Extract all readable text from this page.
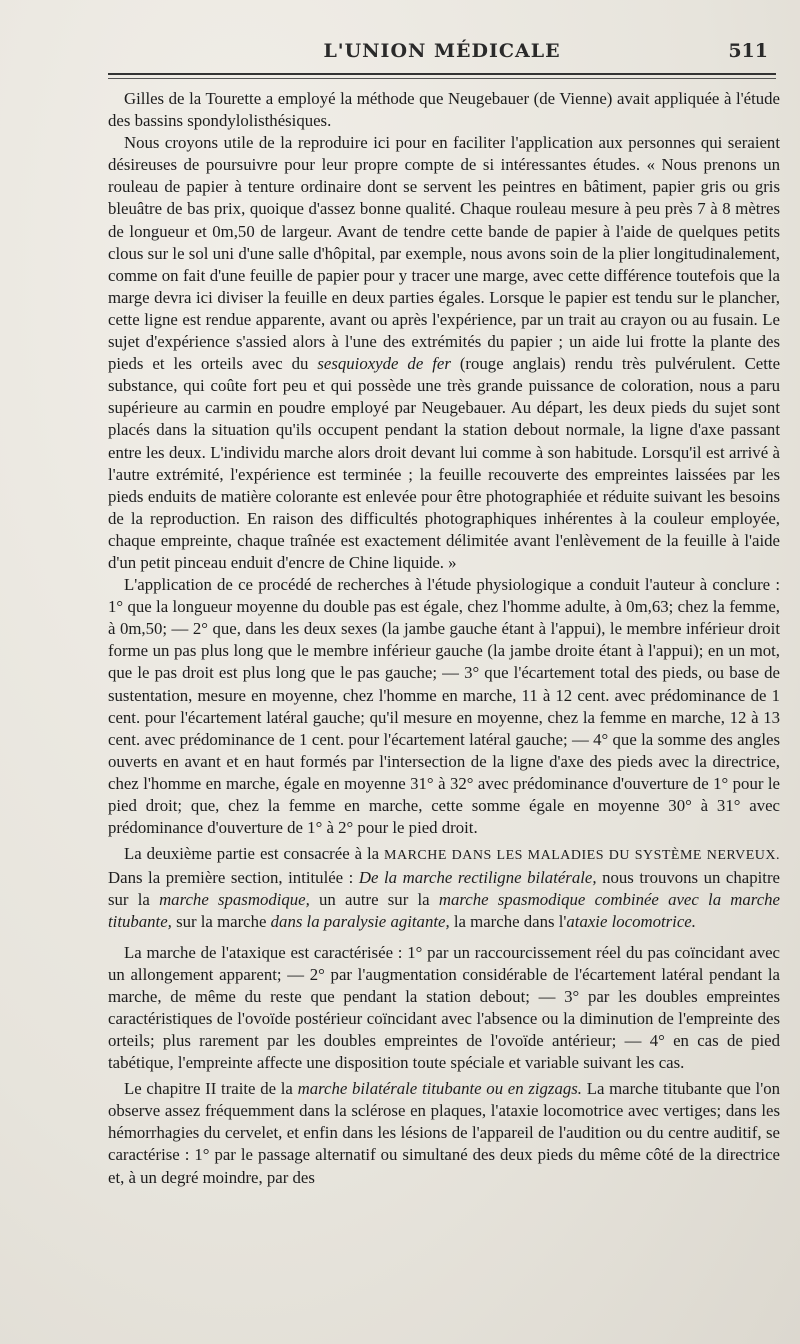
L'UNION MÉDICALE	511

Gilles de la Tourette a employé la méthode que Neugebauer (de Vienne) avait appliquée à l'étude des bassins spondylolisthésiques.

Nous croyons utile de la reproduire ici pour en faciliter l'application aux personnes qui seraient désireuses de poursuivre pour leur propre compte de si intéressantes études. « Nous prenons un rouleau de papier à tenture ordinaire dont se servent les peintres en bâtiment, papier gris ou gris bleuâtre de bas prix, quoique d'assez bonne qualité. Chaque rouleau mesure à peu près 7 à 8 mètres de longueur et 0m,50 de largeur. Avant de tendre cette bande de papier à l'aide de quelques petits clous sur le sol uni d'une salle d'hôpital, par exemple, nous avons soin de la plier longitudinalement, comme on fait d'une feuille de papier pour y tracer une marge, avec cette différence toutefois que la marge devra ici diviser la feuille en deux parties égales. Lorsque le papier est tendu sur le plancher, cette ligne est rendue apparente, avant ou après l'expérience, par un trait au crayon ou au fusain. Le sujet d'expérience s'assied alors à l'une des extrémités du papier ; un aide lui frotte la plante des pieds et les orteils avec du sesquioxyde de fer (rouge anglais) rendu très pulvérulent. Cette substance, qui coûte fort peu et qui possède une très grande puissance de coloration, nous a paru supérieure au carmin en poudre employé par Neugebauer. Au départ, les deux pieds du sujet sont placés dans la situation qu'ils occupent pendant la station debout normale, la ligne d'axe passant entre les deux. L'individu marche alors droit devant lui comme à son habitude. Lorsqu'il est arrivé à l'autre extrémité, l'expérience est terminée ; la feuille recouverte des empreintes laissées par les pieds enduits de matière colorante est enlevée pour être photographiée et réduite suivant les besoins de la reproduction. En raison des difficultés photographiques inhérentes à la couleur employée, chaque empreinte, chaque traînée est exactement délimitée avant l'enlèvement de la feuille à l'aide d'un petit pinceau enduit d'encre de Chine liquide. »

L'application de ce procédé de recherches à l'étude physiologique a conduit l'auteur à conclure : 1° que la longueur moyenne du double pas est égale, chez l'homme adulte, à 0m,63; chez la femme, à 0m,50; — 2° que, dans les deux sexes (la jambe gauche étant à l'appui), le membre inférieur droit forme un pas plus long que le membre inférieur gauche (la jambe droite étant à l'appui); en un mot, que le pas droit est plus long que le pas gauche; — 3° que l'écartement total des pieds, ou base de sustentation, mesure en moyenne, chez l'homme en marche, 11 à 12 cent. avec prédominance de 1 cent. pour l'écartement latéral gauche; qu'il mesure en moyenne, chez la femme en marche, 12 à 13 cent. avec prédominance de 1 cent. pour l'écartement latéral gauche; — 4° que la somme des angles ouverts en avant et en haut formés par l'intersection de la ligne d'axe des pieds avec la directrice, chez l'homme en marche, égale en moyenne 31° à 32° avec prédominance d'ouverture de 1° pour le pied droit; que, chez la femme en marche, cette somme égale en moyenne 30° à 31° avec prédominance d'ouverture de 1° à 2° pour le pied droit.

La deuxième partie est consacrée à la MARCHE DANS LES MALADIES DU SYSTÈME NERVEUX. Dans la première section, intitulée : De la marche rectiligne bilatérale, nous trouvons un chapitre sur la marche spasmodique, un autre sur la marche spasmodique combinée avec la marche titubante, sur la marche dans la paralysie agitante, la marche dans l'ataxie locomotrice.

La marche de l'ataxique est caractérisée : 1° par un raccourcissement réel du pas coïncidant avec un allongement apparent; — 2° par l'augmentation considérable de l'écartement latéral pendant la marche, de même du reste que pendant la station debout; — 3° par les doubles empreintes caractéristiques de l'ovoïde postérieur coïncidant avec l'absence ou la diminution de l'empreinte des orteils; plus rarement par les doubles empreintes de l'ovoïde antérieur; — 4° en cas de pied tabétique, l'empreinte affecte une disposition toute spéciale et variable suivant les cas.

Le chapitre II traite de la marche bilatérale titubante ou en zigzags. La marche titubante que l'on observe assez fréquemment dans la sclérose en plaques, l'ataxie locomotrice avec vertiges; dans les hémorrhagies du cervelet, et enfin dans les lésions de l'appareil de l'audition ou du centre auditif, se caractérise : 1° par le passage alternatif ou simultané des deux pieds du même côté de la directrice et, à un degré moindre, par des
